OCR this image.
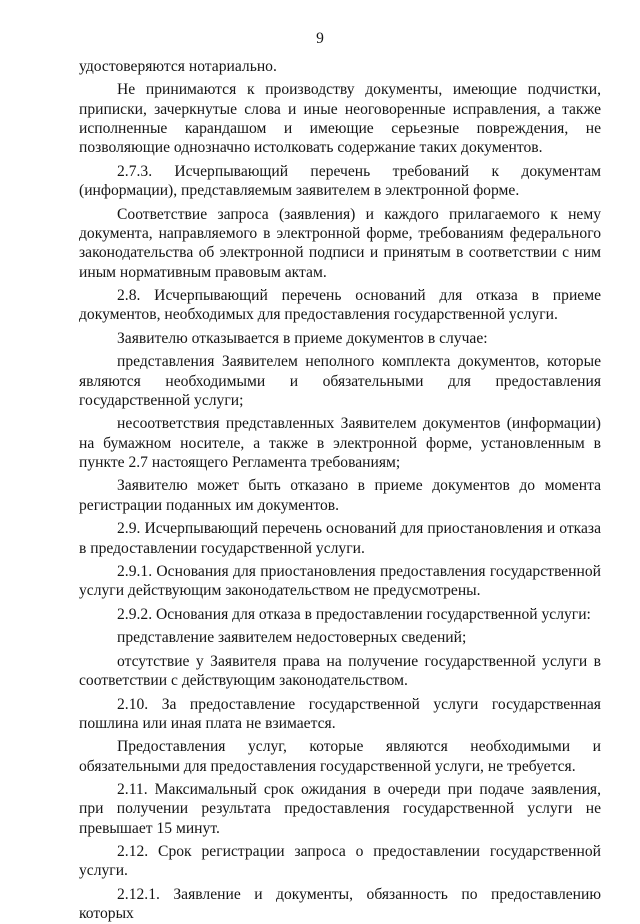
9

удостоверяются нотариально.

Не принимаются к производству документы, имеющие подчистки, приписки, зачеркнутые слова и иные неоговоренные исправления, а также исполненные карандашом и имеющие серьезные повреждения, не позволяющие однозначно истолковать содержание таких документов.

2.7.3. Исчерпывающий перечень требований к документам (информации), представляемым заявителем в электронной форме.

Соответствие запроса (заявления) и каждого прилагаемого к нему документа, направляемого в электронной форме, требованиям федерального законодательства об электронной подписи и принятым в соответствии с ним иным нормативным правовым актам.

2.8. Исчерпывающий перечень оснований для отказа в приеме документов, необходимых для предоставления государственной услуги.

Заявителю отказывается в приеме документов в случае:

представления Заявителем неполного комплекта документов, которые являются необходимыми и обязательными для предоставления государственной услуги;

несоответствия представленных Заявителем документов (информации) на бумажном носителе, а также в электронной форме, установленным в пункте 2.7 настоящего Регламента требованиям;

Заявителю может быть отказано в приеме документов до момента регистрации поданных им документов.

2.9. Исчерпывающий перечень оснований для приостановления и отказа в предоставлении государственной услуги.

2.9.1. Основания для приостановления предоставления государственной услуги действующим законодательством не предусмотрены.

2.9.2. Основания для отказа в предоставлении государственной услуги:

представление заявителем недостоверных сведений;

отсутствие у Заявителя права на получение государственной услуги в соответствии с действующим законодательством.

2.10. За предоставление государственной услуги государственная пошлина или иная плата не взимается.

Предоставления услуг, которые являются необходимыми и обязательными для предоставления государственной услуги, не требуется.

2.11. Максимальный срок ожидания в очереди при подаче заявления, при получении результата предоставления государственной услуги не превышает 15 минут.

2.12. Срок регистрации запроса о предоставлении государственной услуги.

2.12.1. Заявление и документы, обязанность по предоставлению которых
